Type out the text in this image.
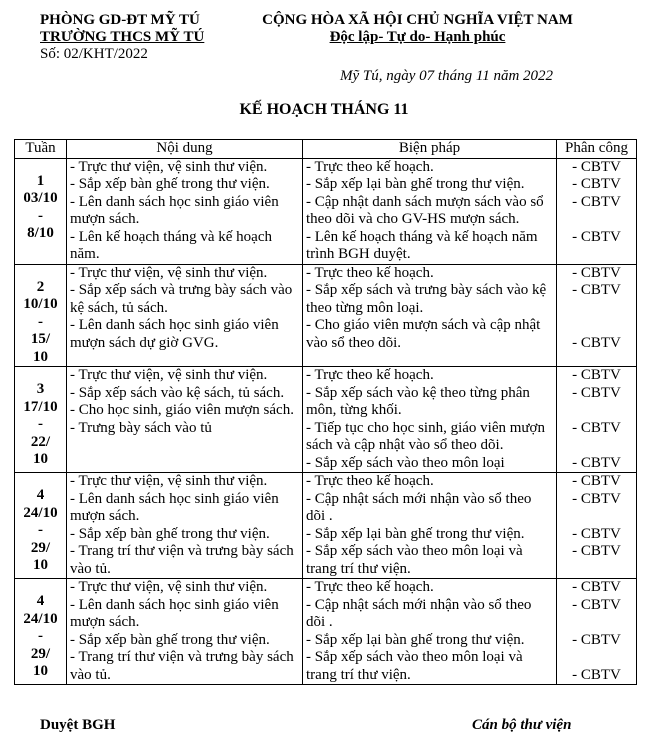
PHÒNG GD-ĐT MỸ TÚ
TRƯỜNG THCS MỸ TÚ
Số: 02/KHT/2022
CỘNG HÒA XÃ HỘI CHỦ NGHĨA VIỆT NAM
Độc lập- Tự do- Hạnh phúc
Mỹ Tú, ngày 07 tháng 11 năm 2022
KẾ HOẠCH THÁNG 11
Tuần	Nội dung	Biện pháp	Phân công

1
03/10
-
8/10	- Trực thư viện, vệ sinh thư viện.
- Sắp xếp bàn ghế trong thư viện.
- Lên danh sách học sinh giáo viên mượn sách.
- Lên kế hoạch tháng và kế hoạch năm.	- Trực theo kế hoạch.
- Sắp xếp lại bàn ghế trong thư viện.
- Cập nhật danh sách mượn sách vào sổ theo dõi và cho GV-HS mượn sách.
- Lên kế hoạch tháng và kế hoạch năm trình BGH duyệt.	- CBTV
- CBTV
- CBTV
- CBTV

2
10/10
-
15/
10	- Trực thư viện, vệ sinh thư viện.
- Sắp xếp sách và trưng bày sách vào kệ sách, tủ sách.
- Lên danh sách học sinh giáo viên mượn sách dự giờ GVG.	- Trực theo kế hoạch.
- Sắp xếp sách và trưng bày sách vào kệ theo từng môn loại.
- Cho giáo viên mượn sách và cập nhật vào sổ theo dõi.	- CBTV
- CBTV
- CBTV

3
17/10
-
22/
10	- Trực thư viện, vệ sinh thư viện.
- Sắp xếp sách vào kệ sách, tủ sách.
- Cho học sinh, giáo viên mượn sách.
- Trưng bày sách vào tủ	- Trực theo kế hoạch.
- Sắp xếp sách vào kệ theo từng phân môn, từng khối.
- Tiếp tục cho học sinh, giáo viên mượn sách và cập nhật vào sổ theo dõi.
- Sắp xếp sách vào theo môn loại	- CBTV
- CBTV
- CBTV
- CBTV

4
24/10
-
29/
10	- Trực thư viện, vệ sinh thư viện.
- Lên danh sách học sinh giáo viên mượn sách.
- Sắp xếp bàn ghế trong thư viện.
- Trang trí thư viện và trưng bày sách vào tủ.	- Trực theo kế hoạch.
- Cập nhật sách mới nhận vào sổ theo dõi .
- Sắp xếp lại bàn ghế trong thư viện.
- Sắp xếp sách vào theo môn loại và trang trí thư viện.	- CBTV
- CBTV
- CBTV
- CBTV

4
24/10
-
29/
10	- Trực thư viện, vệ sinh thư viện.
- Lên danh sách học sinh giáo viên mượn sách.
- Sắp xếp bàn ghế trong thư viện.
- Trang trí thư viện và trưng bày sách vào tủ.	- Trực theo kế hoạch.
- Cập nhật sách mới nhận vào sổ theo dõi .
- Sắp xếp lại bàn ghế trong thư viện.
- Sắp xếp sách vào theo môn loại và trang trí thư viện.	- CBTV
- CBTV
- CBTV
- CBTV
Duyệt BGH	Cán bộ thư viện
